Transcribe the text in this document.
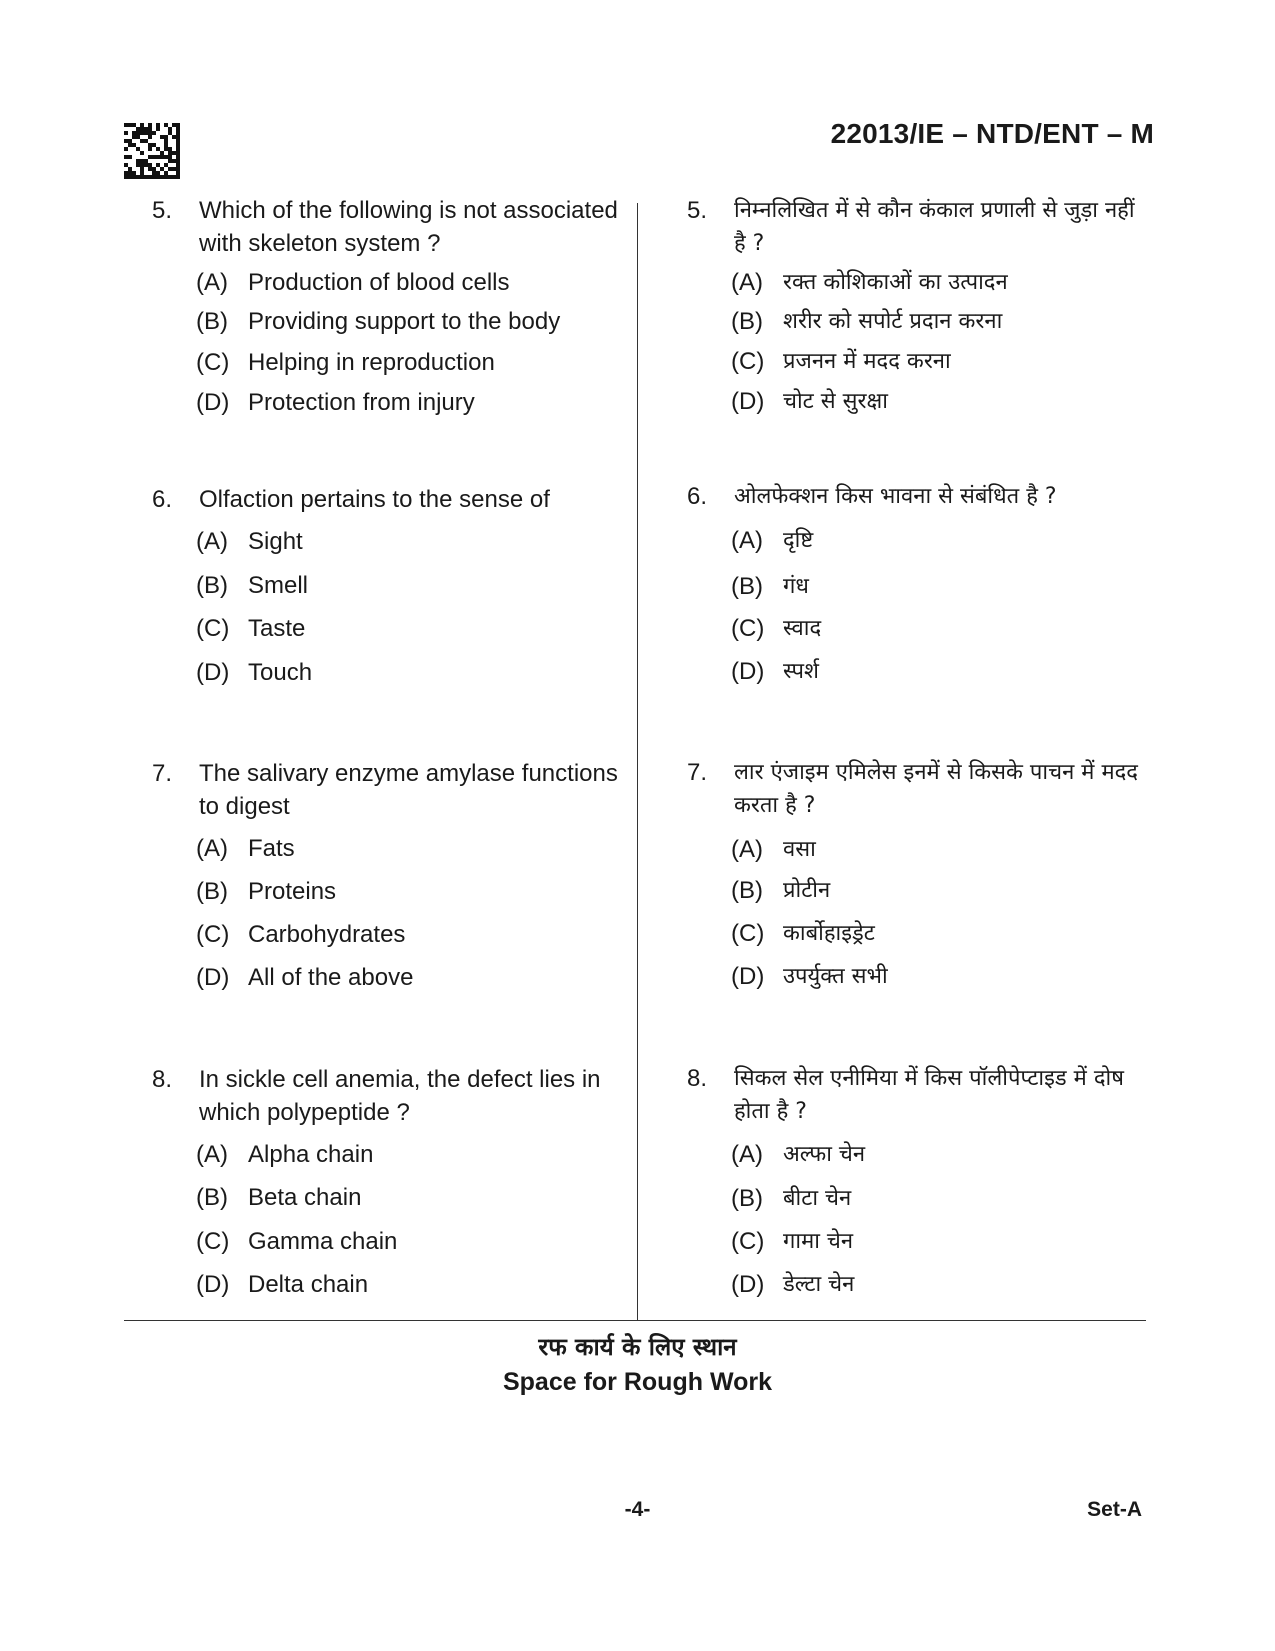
22013/IE – NTD/ENT – M
5. Which of the following is not associated with skeleton system ?
(A) Production of blood cells
(B) Providing support to the body
(C) Helping in reproduction
(D) Protection from injury
6. Olfaction pertains to the sense of
(A) Sight
(B) Smell
(C) Taste
(D) Touch
7. The salivary enzyme amylase functions to digest
(A) Fats
(B) Proteins
(C) Carbohydrates
(D) All of the above
8. In sickle cell anemia, the defect lies in which polypeptide ?
(A) Alpha chain
(B) Beta chain
(C) Gamma chain
(D) Delta chain
5. निम्नलिखित में से कौन कंकाल प्रणाली से जुड़ा नहीं है ?
(A) रक्त कोशिकाओं का उत्पादन
(B) शरीर को सपोर्ट प्रदान करना
(C) प्रजनन में मदद करना
(D) चोट से सुरक्षा
6. ओलफेक्शन किस भावना से संबंधित है ?
(A) दृष्टि
(B) गंध
(C) स्वाद
(D) स्पर्श
7. लार एंजाइम एमिलेस इनमें से किसके पाचन में मदद करता है ?
(A) वसा
(B) प्रोटीन
(C) कार्बोहाइड्रेट
(D) उपर्युक्त सभी
8. सिकल सेल एनीमिया में किस पॉलीपेप्टाइड में दोष होता है ?
(A) अल्फा चेन
(B) बीटा चेन
(C) गामा चेन
(D) डेल्टा चेन
रफ कार्य के लिए स्थान
Space for Rough Work
-4-	Set-A
